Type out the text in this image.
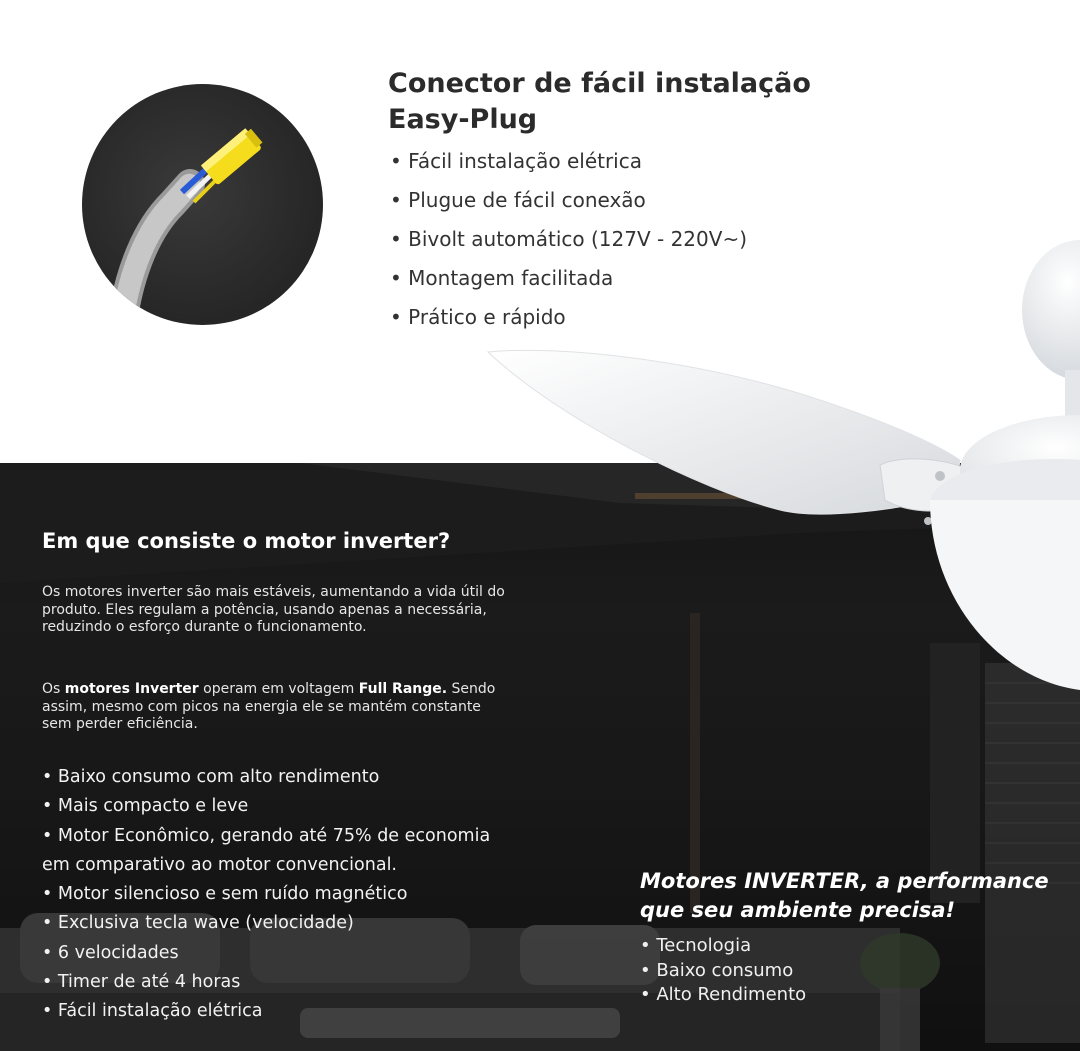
Conector de fácil instalação
Easy-Plug
• Fácil instalação elétrica
• Plugue de fácil conexão
• Bivolt automático (127V - 220V~)
• Montagem facilitada
• Prático e rápido
Em que consiste o motor inverter?

Os motores inverter são mais estáveis, aumentando a vida útil do produto. Eles regulam a potência, usando apenas a necessária, reduzindo o esforço durante o funcionamento.

Os motores Inverter operam em voltagem Full Range. Sendo assim, mesmo com picos na energia ele se mantém constante sem perder eficiência.

• Baixo consumo com alto rendimento
• Mais compacto e leve
• Motor Econômico, gerando até 75% de economia
em comparativo ao motor convencional.
• Motor silencioso e sem ruído magnético
• Exclusiva tecla wave (velocidade)
• 6 velocidades
• Timer de até 4 horas
• Fácil instalação elétrica
Motores INVERTER, a performance
que seu ambiente precisa!
• Tecnologia
• Baixo consumo
• Alto Rendimento
